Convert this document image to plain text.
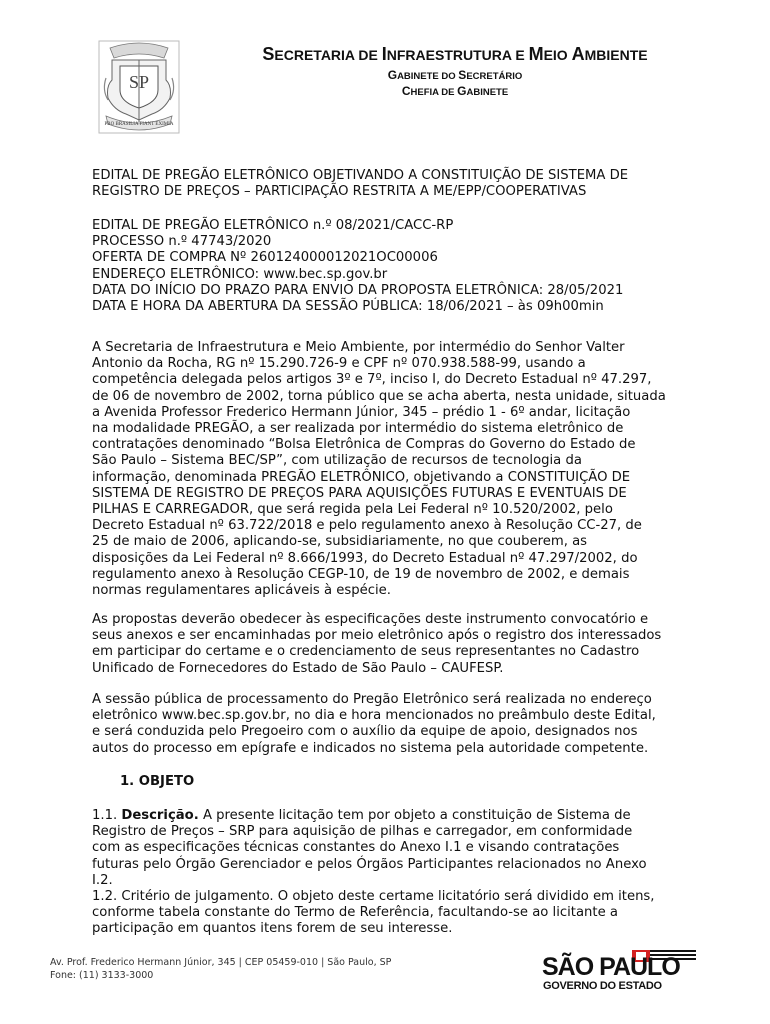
SP
PRO BRASILIA FIANT EXIMIA
SECRETARIA DE INFRAESTRUTURA E MEIO AMBIENTE
GABINETE DO SECRETÁRIO
CHEFIA DE GABINETE
EDITAL DE PREGÃO ELETRÔNICO OBJETIVANDO A CONSTITUIÇÃO DE SISTEMA DE
REGISTRO DE PREÇOS – PARTICIPAÇÃO RESTRITA A ME/EPP/COOPERATIVAS
EDITAL DE PREGÃO ELETRÔNICO n.º 08/2021/CACC-RP
PROCESSO n.º 47743/2020
OFERTA DE COMPRA Nº 260124000012021OC00006
ENDEREÇO ELETRÔNICO: www.bec.sp.gov.br
DATA DO INÍCIO DO PRAZO PARA ENVIO DA PROPOSTA ELETRÔNICA: 28/05/2021
DATA E HORA DA ABERTURA DA SESSÃO PÚBLICA: 18/06/2021 – às 09h00min
A Secretaria de Infraestrutura e Meio Ambiente, por intermédio do Senhor Valter
Antonio da Rocha, RG nº 15.290.726-9 e CPF nº 070.938.588-99, usando a
competência delegada pelos artigos 3º e 7º, inciso I, do Decreto Estadual nº 47.297,
de 06 de novembro de 2002, torna público que se acha aberta, nesta unidade, situada
a Avenida Professor Frederico Hermann Júnior, 345 – prédio 1 - 6º andar, licitação
na modalidade PREGÃO, a ser realizada por intermédio do sistema eletrônico de
contratações denominado “Bolsa Eletrônica de Compras do Governo do Estado de
São Paulo – Sistema BEC/SP”, com utilização de recursos de tecnologia da
informação, denominada PREGÃO ELETRÔNICO, objetivando a CONSTITUIÇÃO DE
SISTEMA DE REGISTRO DE PREÇOS PARA AQUISIÇÕES FUTURAS E EVENTUAIS DE
PILHAS E CARREGADOR, que será regida pela Lei Federal nº 10.520/2002, pelo
Decreto Estadual nº 63.722/2018 e pelo regulamento anexo à Resolução CC-27, de
25 de maio de 2006, aplicando-se, subsidiariamente, no que couberem, as
disposições da Lei Federal nº 8.666/1993, do Decreto Estadual nº 47.297/2002, do
regulamento anexo à Resolução CEGP-10, de 19 de novembro de 2002, e demais
normas regulamentares aplicáveis à espécie.
As propostas deverão obedecer às especificações deste instrumento convocatório e
seus anexos e ser encaminhadas por meio eletrônico após o registro dos interessados
em participar do certame e o credenciamento de seus representantes no Cadastro
Unificado de Fornecedores do Estado de São Paulo – CAUFESP.
A sessão pública de processamento do Pregão Eletrônico será realizada no endereço
eletrônico www.bec.sp.gov.br, no dia e hora mencionados no preâmbulo deste Edital,
e será conduzida pelo Pregoeiro com o auxílio da equipe de apoio, designados nos
autos do processo em epígrafe e indicados no sistema pela autoridade competente.

1. OBJETO

1.1. Descrição. A presente licitação tem por objeto a constituição de Sistema de
Registro de Preços – SRP para aquisição de pilhas e carregador, em conformidade
com as especificações técnicas constantes do Anexo I.1 e visando contratações
futuras pelo Órgão Gerenciador e pelos Órgãos Participantes relacionados no Anexo
I.2.
1.2. Critério de julgamento. O objeto deste certame licitatório será dividido em itens,
conforme tabela constante do Termo de Referência, facultando-se ao licitante a
participação em quantos itens forem de seu interesse.
Av. Prof. Frederico Hermann Júnior, 345 | CEP 05459-010 | São Paulo, SP
Fone: (11) 3133-3000	SÃO PAULO
GOVERNO DO ESTADO
